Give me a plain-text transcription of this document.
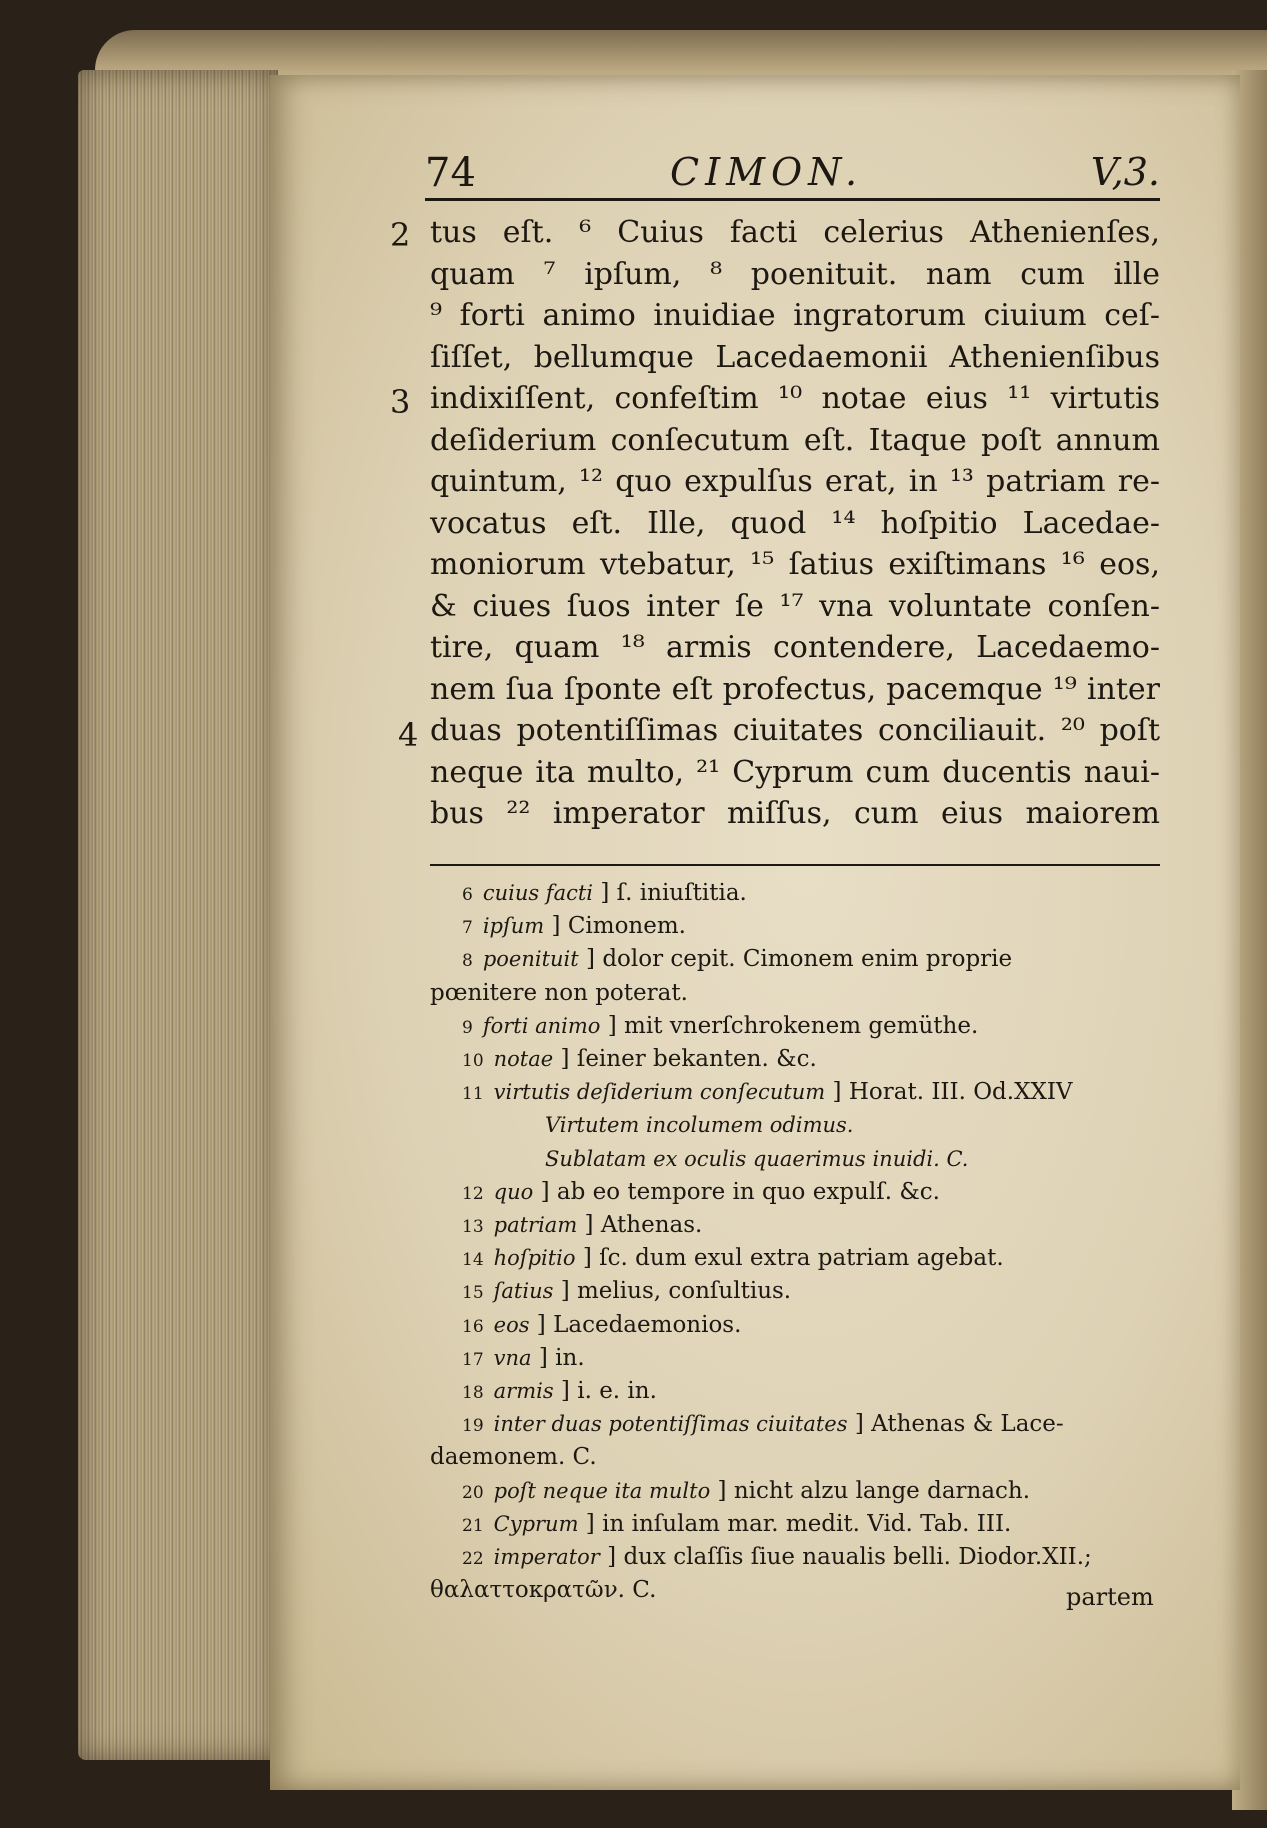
74	CIMON.	V,3.
tus eſt. ⁶ Cuius facti celerius Athenienſes,
quam ⁷ ipſum, ⁸ poenituit. nam cum ille
⁹ forti animo inuidiae ingratorum ciuium ceſ-
ſiſſet, bellumque Lacedaemonii Athenienſibus
indixiſſent, confeſtim ¹⁰ notae eius ¹¹ virtutis
deſiderium conſecutum eſt. Itaque poſt annum
quintum, ¹² quo expulſus erat, in ¹³ patriam re-
vocatus eſt. Ille, quod ¹⁴ hoſpitio Lacedae-
moniorum vtebatur, ¹⁵ ſatius exiſtimans ¹⁶ eos,
& ciues ſuos inter ſe ¹⁷ vna voluntate conſen-
tire, quam ¹⁸ armis contendere, Lacedaemo-
nem ſua ſponte eſt profectus, pacemque ¹⁹ inter
duas potentiſſimas ciuitates conciliauit. ²⁰ poſt
neque ita multo, ²¹ Cyprum cum ducentis naui-
bus ²² imperator miſſus, cum eius maiorem
2
3
4
6 cuius facti ] ſ. iniuſtitia.
7 ipſum ] Cimonem.
8 poenituit ] dolor cepit. Cimonem enim proprie
pœnitere non poterat.
9 forti animo ] mit vnerſchrokenem gemüthe.
10 notae ] ſeiner bekanten. &c.
11 virtutis deſiderium conſecutum ] Horat. III. Od.XXIV
Virtutem incolumem odimus.
Sublatam ex oculis quaerimus inuidi. C.
12 quo ] ab eo tempore in quo expulſ. &c.
13 patriam ] Athenas.
14 hoſpitio ] ſc. dum exul extra patriam agebat.
15 ſatius ] melius, conſultius.
16 eos ] Lacedaemonios.
17 vna ] in.
18 armis ] i. e. in.
19 inter duas potentiſſimas ciuitates ] Athenas & Lace-
daemonem. C.
20 poſt neque ita multo ] nicht alzu lange darnach.
21 Cyprum ] in inſulam mar. medit. Vid. Tab. III.
22 imperator ] dux claſſis ſiue naualis belli. Diodor.XII.;
θαλαττοκρατῶν. C.	partem
